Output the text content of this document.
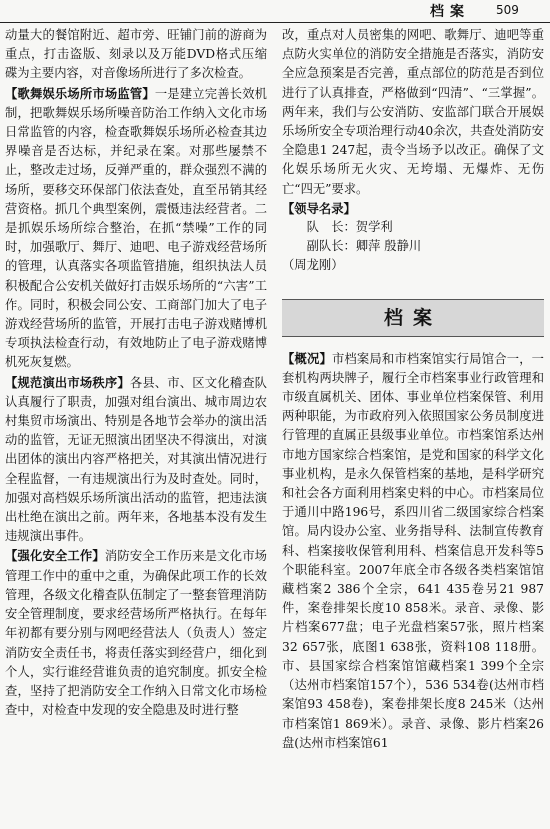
档案 509

动量大的餐馆附近、超市旁、旺铺门前的游商为重点，打击盗版、刻录以及万能DVD格式压缩碟为主要内容，对音像场所进行了多次检查。

【歌舞娱乐场所市场监管】一是建立完善长效机制，把歌舞娱乐场所噪音防治工作纳入文化市场日常监管的内容，检查歌舞娱乐场所必检查其边界噪音是否达标，并纪录在案。对那些屡禁不止，整改走过场，反弹严重的，群众强烈不满的场所，要移交环保部门依法查处，直至吊销其经营资格。抓几个典型案例，震慑违法经营者。二是抓娱乐场所综合整治，在抓“禁噪”工作的同时，加强歌厅、舞厅、迪吧、电子游戏经营场所的管理，认真落实各项监管措施，组织执法人员积极配合公安机关做好打击娱乐场所的“六害”工作。同时，积极会同公安、工商部门加大了电子游戏经营场所的监管，开展打击电子游戏赌博机专项执法检查行动，有效地防止了电子游戏赌博机死灰复燃。

【规范演出市场秩序】各县、市、区文化稽查队认真履行了职责，加强对组台演出、城市周边农村集贸市场演出、特别是各地节会举办的演出活动的监管，无证无照演出团坚决不得演出，对演出团体的演出内容严格把关，对其演出情况进行全程监督，一有违规演出行为及时查处。同时，加强对高档娱乐场所演出活动的监管，把违法演出杜绝在演出之前。两年来，各地基本没有发生违规演出事件。

【强化安全工作】消防安全工作历来是文化市场管理工作中的重中之重，为确保此项工作的长效管理，各级文化稽查队伍制定了一整套管理消防安全管理制度，要求经营场所严格执行。在每年年初都有要分别与网吧经营法人（负责人）签定消防安全责任书，将责任落实到经营户，细化到个人，实行谁经营谁负责的追究制度。抓安全检查，坚持了把消防安全工作纳入日常文化市场检查中，对检查中发现的安全隐患及时进行整

改，重点对人员密集的网吧、歌舞厅、迪吧等重点防火实单位的消防安全措施是否落实，消防安全应急预案是否完善，重点部位的防范是否到位进行了认真排查，严格做到“四清”、“三掌握”。两年来，我们与公安消防、安监部门联合开展娱乐场所安全专项治理行动40余次，共查处消防安全隐患1 247起，责令当场予以改正。确保了文化娱乐场所无火灾、无垮塌、无爆炸、无伤亡“四无”要求。

【领导名录】

队　长：贺学利

副队长：卿萍 殷静川

（周龙刚）

档案

【概况】市档案局和市档案馆实行局馆合一，一套机构两块牌子，履行全市档案事业行政管理和市级直属机关、团体、事业单位档案保管、利用两种职能，为市政府列入依照国家公务员制度进行管理的直属正县级事业单位。市档案馆系达州市地方国家综合档案馆，是党和国家的科学文化事业机构，是永久保管档案的基地，是科学研究和社会各方面利用档案史料的中心。市档案局位于通川中路196号，系四川省二级国家综合档案馆。局内设办公室、业务指导科、法制宣传教育科、档案接收保管利用科、档案信息开发科等5个职能科室。2007年底全市各级各类档案馆馆藏档案2 386个全宗，641 435卷另21 987件，案卷排架长度10 858米。录音、录像、影片档案677盘；电子光盘档案57张，照片档案32 657张，底图1 638张，资料108 118册。市、县国家综合档案馆馆藏档案1 399个全宗（达州市档案馆157个），536 534卷(达州市档案馆93 458卷)，案卷排架长度8 245米（达州市档案馆1 869米）。录音、录像、影片档案26盘(达州市档案馆61
